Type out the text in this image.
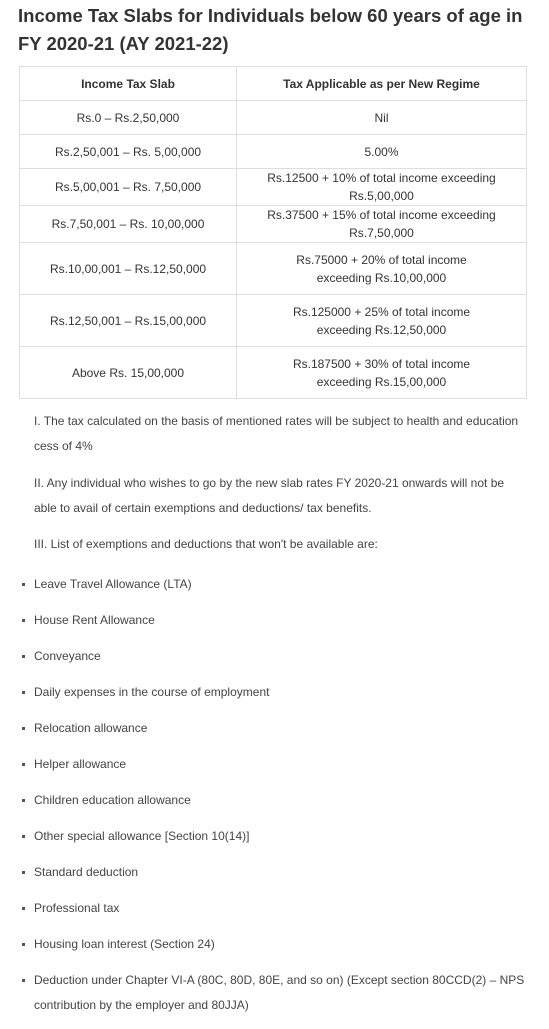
Income Tax Slabs for Individuals below 60 years of age in FY 2020-21 (AY 2021-22)
Income Tax Slab	Tax Applicable as per New Regime
Rs.0 – Rs.2,50,000	Nil
Rs.2,50,001 – Rs. 5,00,000	5.00%
Rs.5,00,001 – Rs. 7,50,000	Rs.12500 + 10% of total income exceeding Rs.5,00,000
Rs.7,50,001 – Rs. 10,00,000	Rs.37500 + 15% of total income exceeding Rs.7,50,000
Rs.10,00,001 – Rs.12,50,000	Rs.75000 + 20% of total income exceeding Rs.10,00,000
Rs.12,50,001 – Rs.15,00,000	Rs.125000 + 25% of total income exceeding Rs.12,50,000
Above Rs. 15,00,000	Rs.187500 + 30% of total income exceeding Rs.15,00,000

I. The tax calculated on the basis of mentioned rates will be subject to health and education cess of 4%

II. Any individual who wishes to go by the new slab rates FY 2020-21 onwards will not be able to avail of certain exemptions and deductions/ tax benefits.

III. List of exemptions and deductions that won't be available are:

Leave Travel Allowance (LTA)
House Rent Allowance
Conveyance
Daily expenses in the course of employment
Relocation allowance
Helper allowance
Children education allowance
Other special allowance [Section 10(14)]
Standard deduction
Professional tax
Housing loan interest (Section 24)
Deduction under Chapter VI-A (80C, 80D, 80E, and so on) (Except section 80CCD(2) – NPS contribution by the employer and 80JJA)
